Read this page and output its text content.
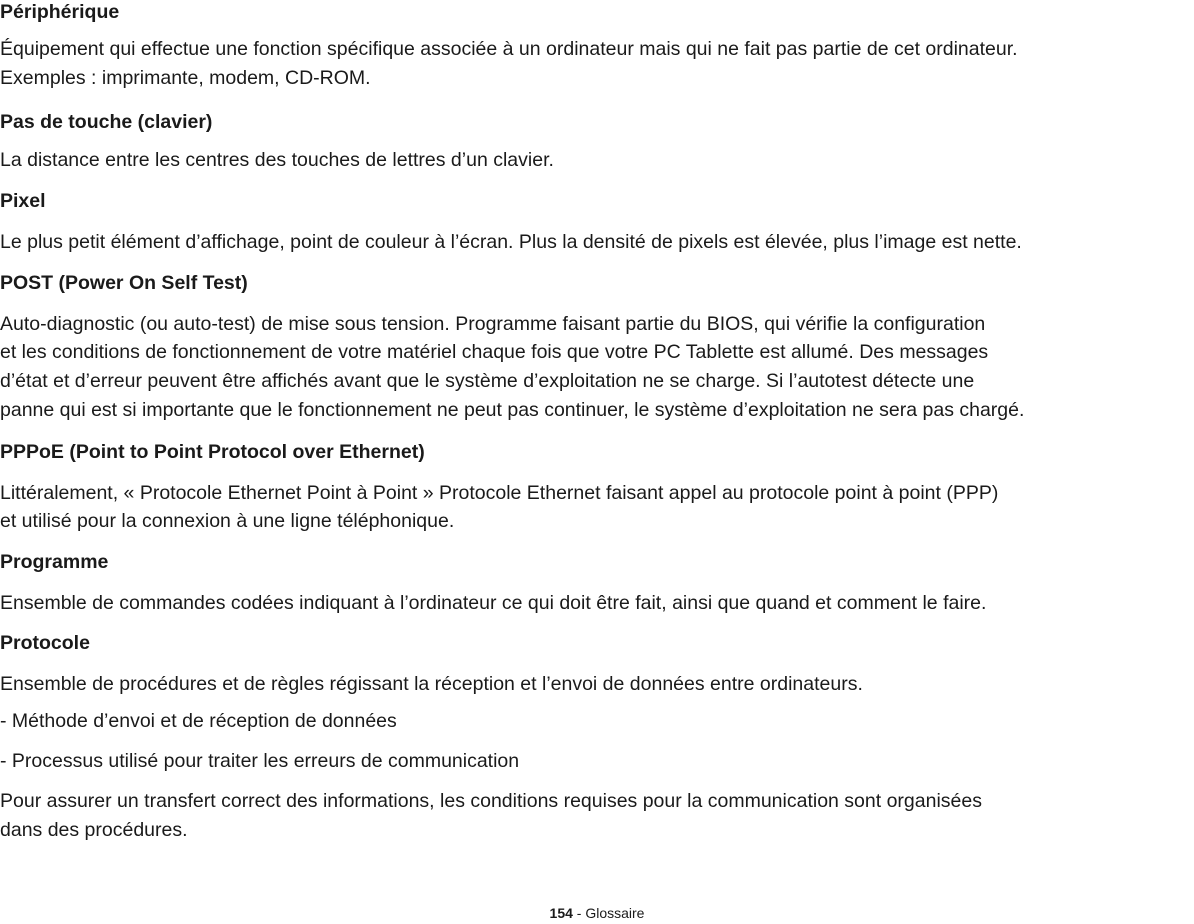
Périphérique
Équipement qui effectue une fonction spécifique associée à un ordinateur mais qui ne fait pas partie de cet ordinateur.
Exemples : imprimante, modem, CD-ROM.
Pas de touche (clavier)
La distance entre les centres des touches de lettres d’un clavier.
Pixel
Le plus petit élément d’affichage, point de couleur à l’écran. Plus la densité de pixels est élevée, plus l’image est nette.
POST (Power On Self Test)
Auto-diagnostic (ou auto-test) de mise sous tension. Programme faisant partie du BIOS, qui vérifie la configuration
et les conditions de fonctionnement de votre matériel chaque fois que votre PC Tablette est allumé. Des messages
d’état et d’erreur peuvent être affichés avant que le système d’exploitation ne se charge. Si l’autotest détecte une
panne qui est si importante que le fonctionnement ne peut pas continuer, le système d’exploitation ne sera pas chargé.
PPPoE (Point to Point Protocol over Ethernet)
Littéralement, « Protocole Ethernet Point à Point » Protocole Ethernet faisant appel au protocole point à point (PPP)
et utilisé pour la connexion à une ligne téléphonique.
Programme
Ensemble de commandes codées indiquant à l’ordinateur ce qui doit être fait, ainsi que quand et comment le faire.
Protocole
Ensemble de procédures et de règles régissant la réception et l’envoi de données entre ordinateurs.
- Méthode d’envoi et de réception de données
- Processus utilisé pour traiter les erreurs de communication
Pour assurer un transfert correct des informations, les conditions requises pour la communication sont organisées
dans des procédures.
154 - Glossaire
